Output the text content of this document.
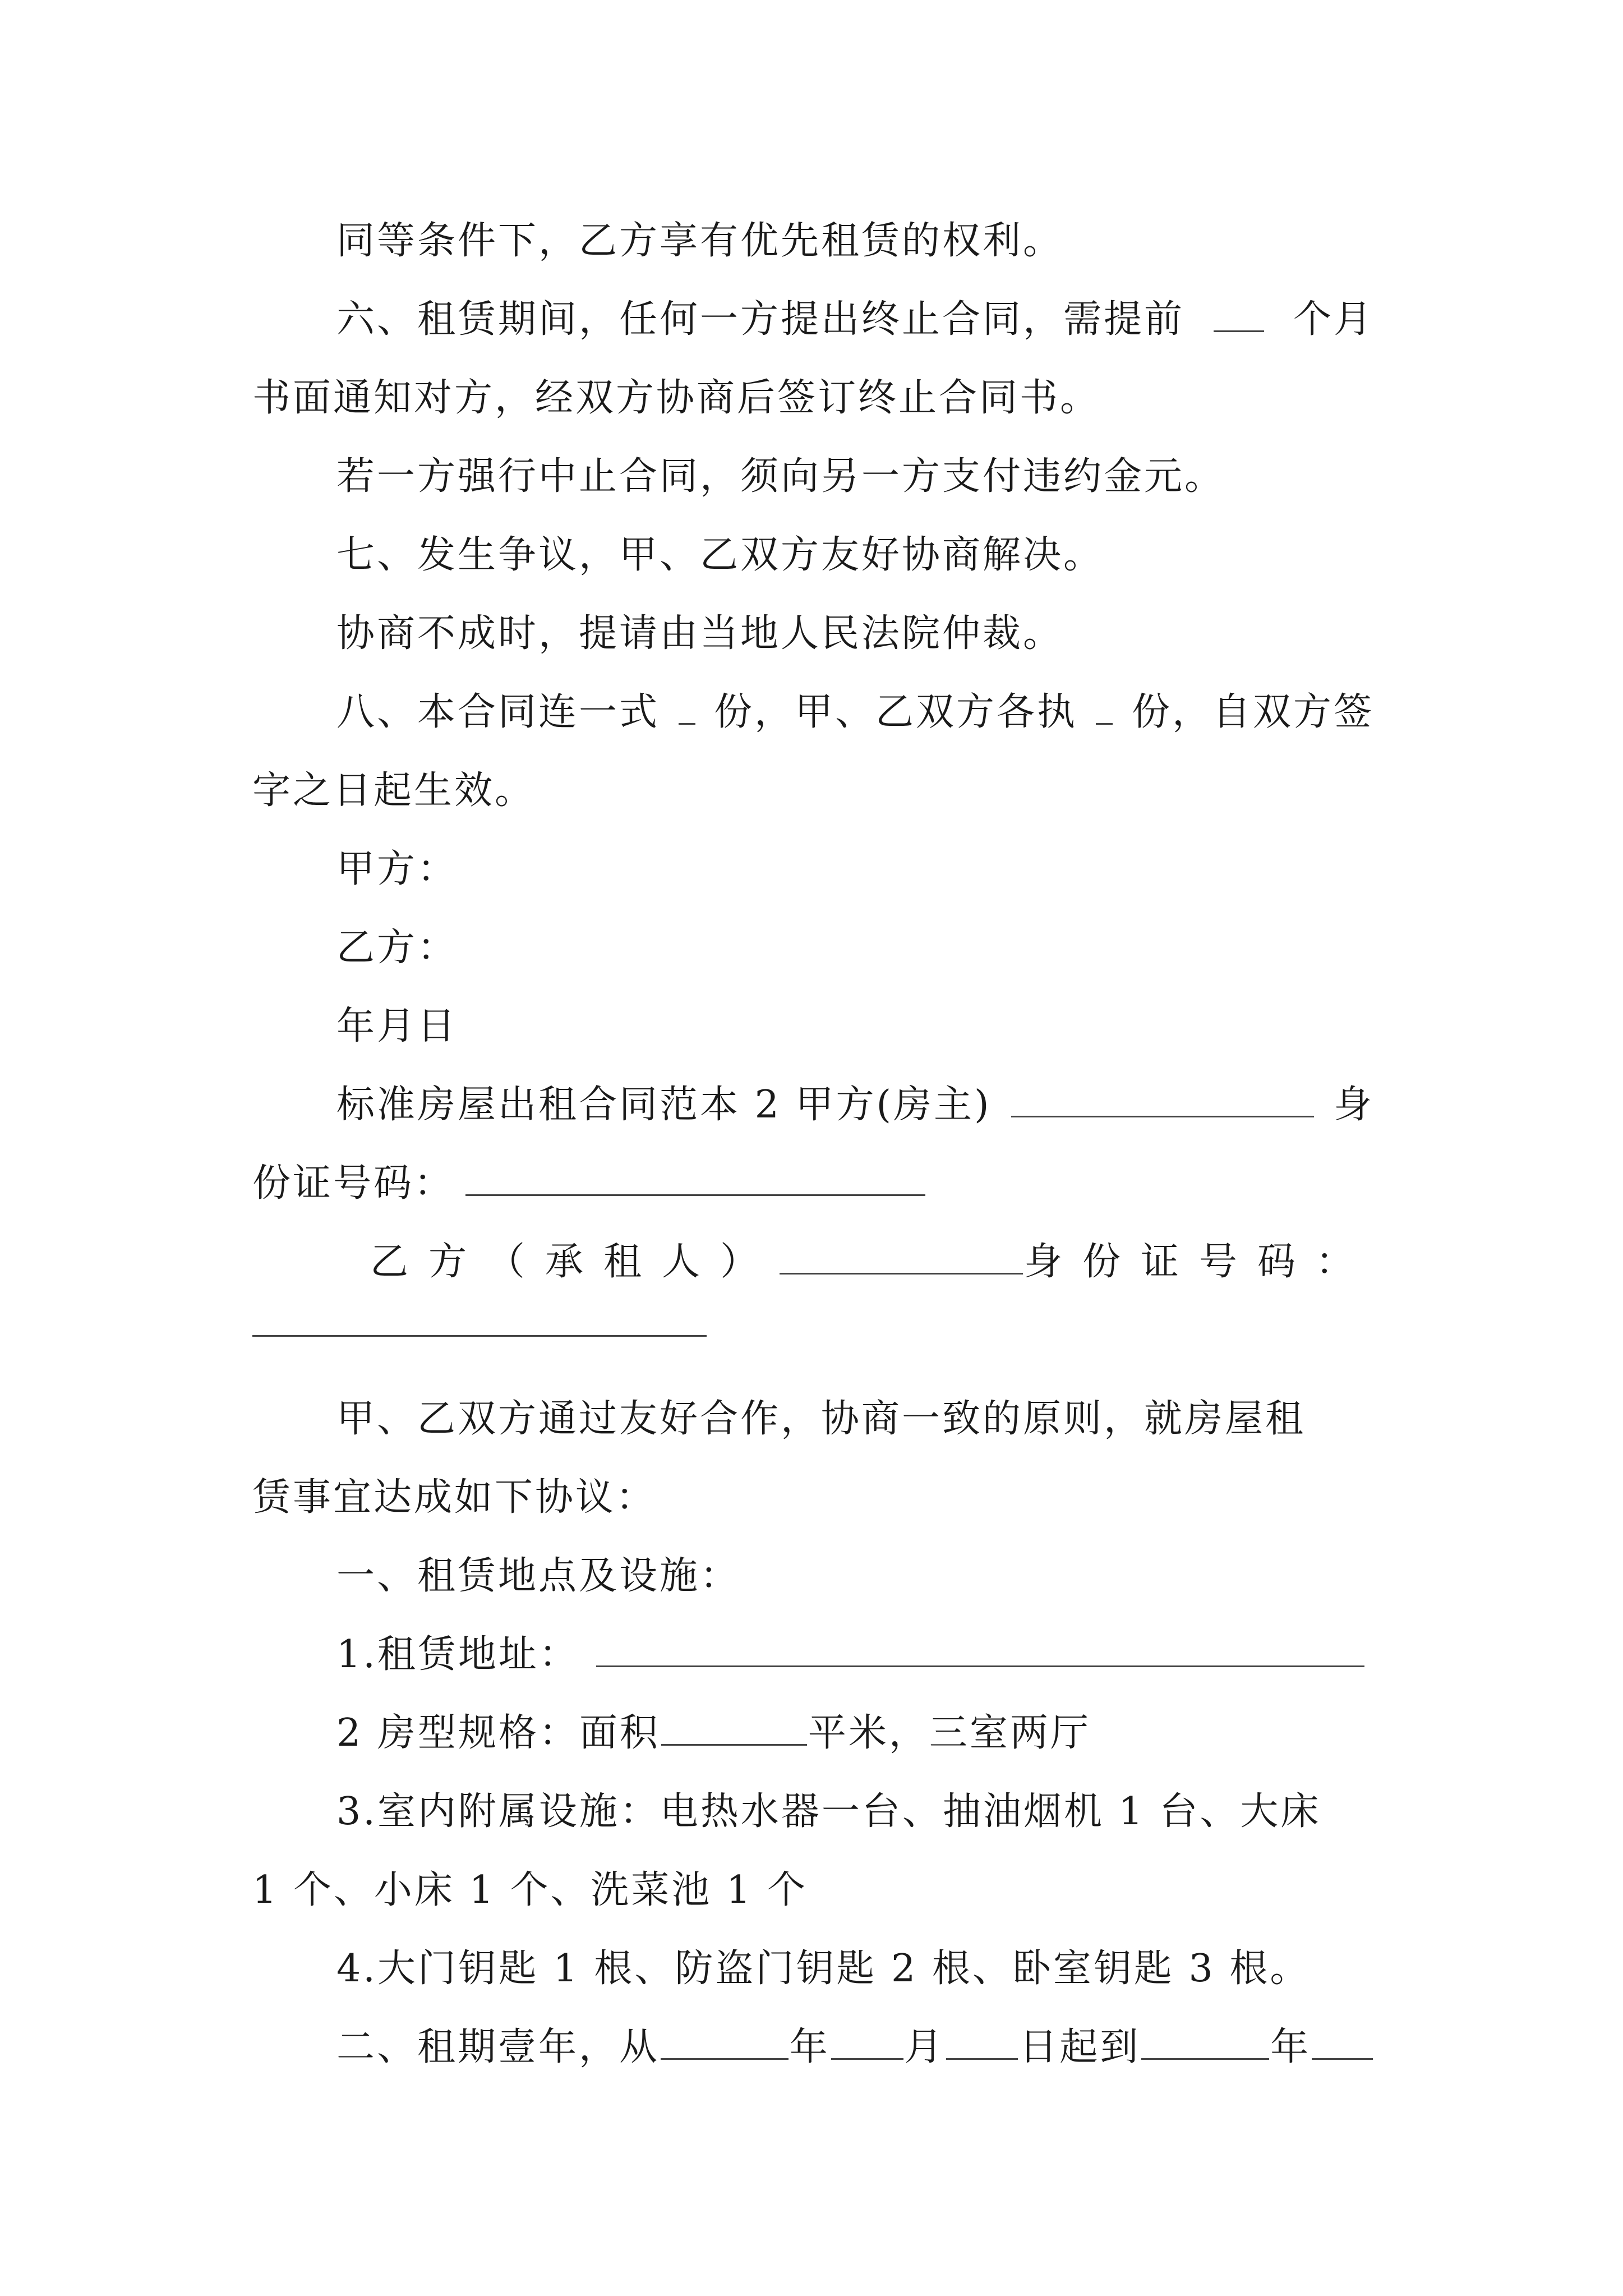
同等条件下，乙方享有优先租赁的权利。
六、租赁期间，任何一方提出终止合同，需提前	个月
书面通知对方，经双方协商后签订终止合同书。
若一方强行中止合同，须向另一方支付违约金元。
七、发生争议，甲、乙双方友好协商解决。
协商不成时，提请由当地人民法院仲裁。
八、本合同连一式 份，甲、乙双方各执 份，自双方签
字之日起生效。
甲方：
乙方：
年月日
标准房屋出租合同范本 2 甲方(房主)	身
份证号码：
乙方（承租人）	身份证号码：
甲、乙双方通过友好合作，协商一致的原则，就房屋租
赁事宜达成如下协议：
一、租赁地点及设施：
1.租赁地址：
2 房型规格：面积	平米，三室两厅
3.室内附属设施：电热水器一台、抽油烟机 1 台、大床
1 个、小床 1 个、洗菜池 1 个
4.大门钥匙 1 根、防盗门钥匙 2 根、卧室钥匙 3 根。
二、租期壹年，从	年 月 日起到	年
